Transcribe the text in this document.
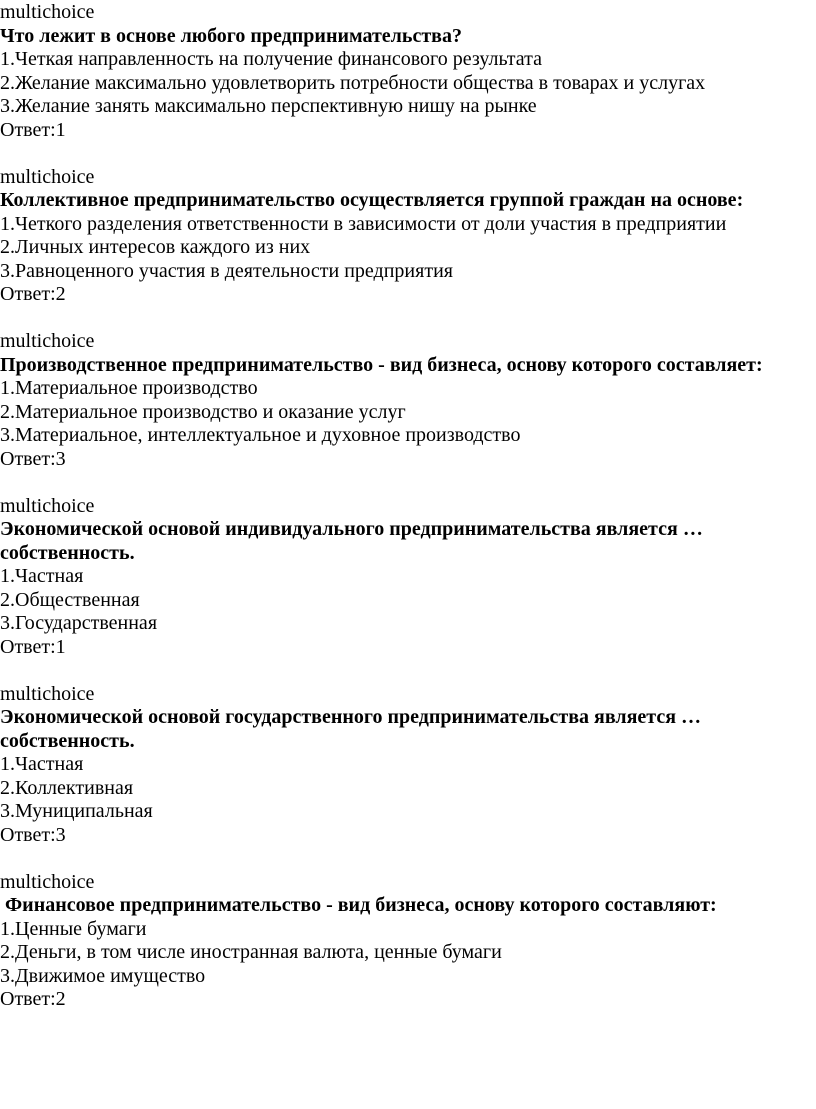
multichoice
Что лежит в основе любого предпринимательства?
1.Четкая направленность на получение финансового результата
2.Желание максимально удовлетворить потребности общества в товарах и услугах
3.Желание занять максимально перспективную нишу на рынке
Ответ:1
multichoice
Коллективное предпринимательство осуществляется группой граждан на основе:
1.Четкого разделения ответственности в зависимости от доли участия в предприятии
2.Личных интересов каждого из них
3.Равноценного участия в деятельности предприятия
Ответ:2
multichoice
Производственное предпринимательство - вид бизнеса, основу которого составляет:
1.Материальное производство
2.Материальное производство и оказание услуг
3.Материальное, интеллектуальное и духовное производство
Ответ:3
multichoice
Экономической основой индивидуального предпринимательства является … собственность.
1.Частная
2.Общественная
3.Государственная
Ответ:1
multichoice
Экономической основой государственного предпринимательства является … собственность.
1.Частная
2.Коллективная
3.Муниципальная
Ответ:3
multichoice
Финансовое предпринимательство - вид бизнеса, основу которого составляют:
1.Ценные бумаги
2.Деньги, в том числе иностранная валюта, ценные бумаги
3.Движимое имущество
Ответ:2
